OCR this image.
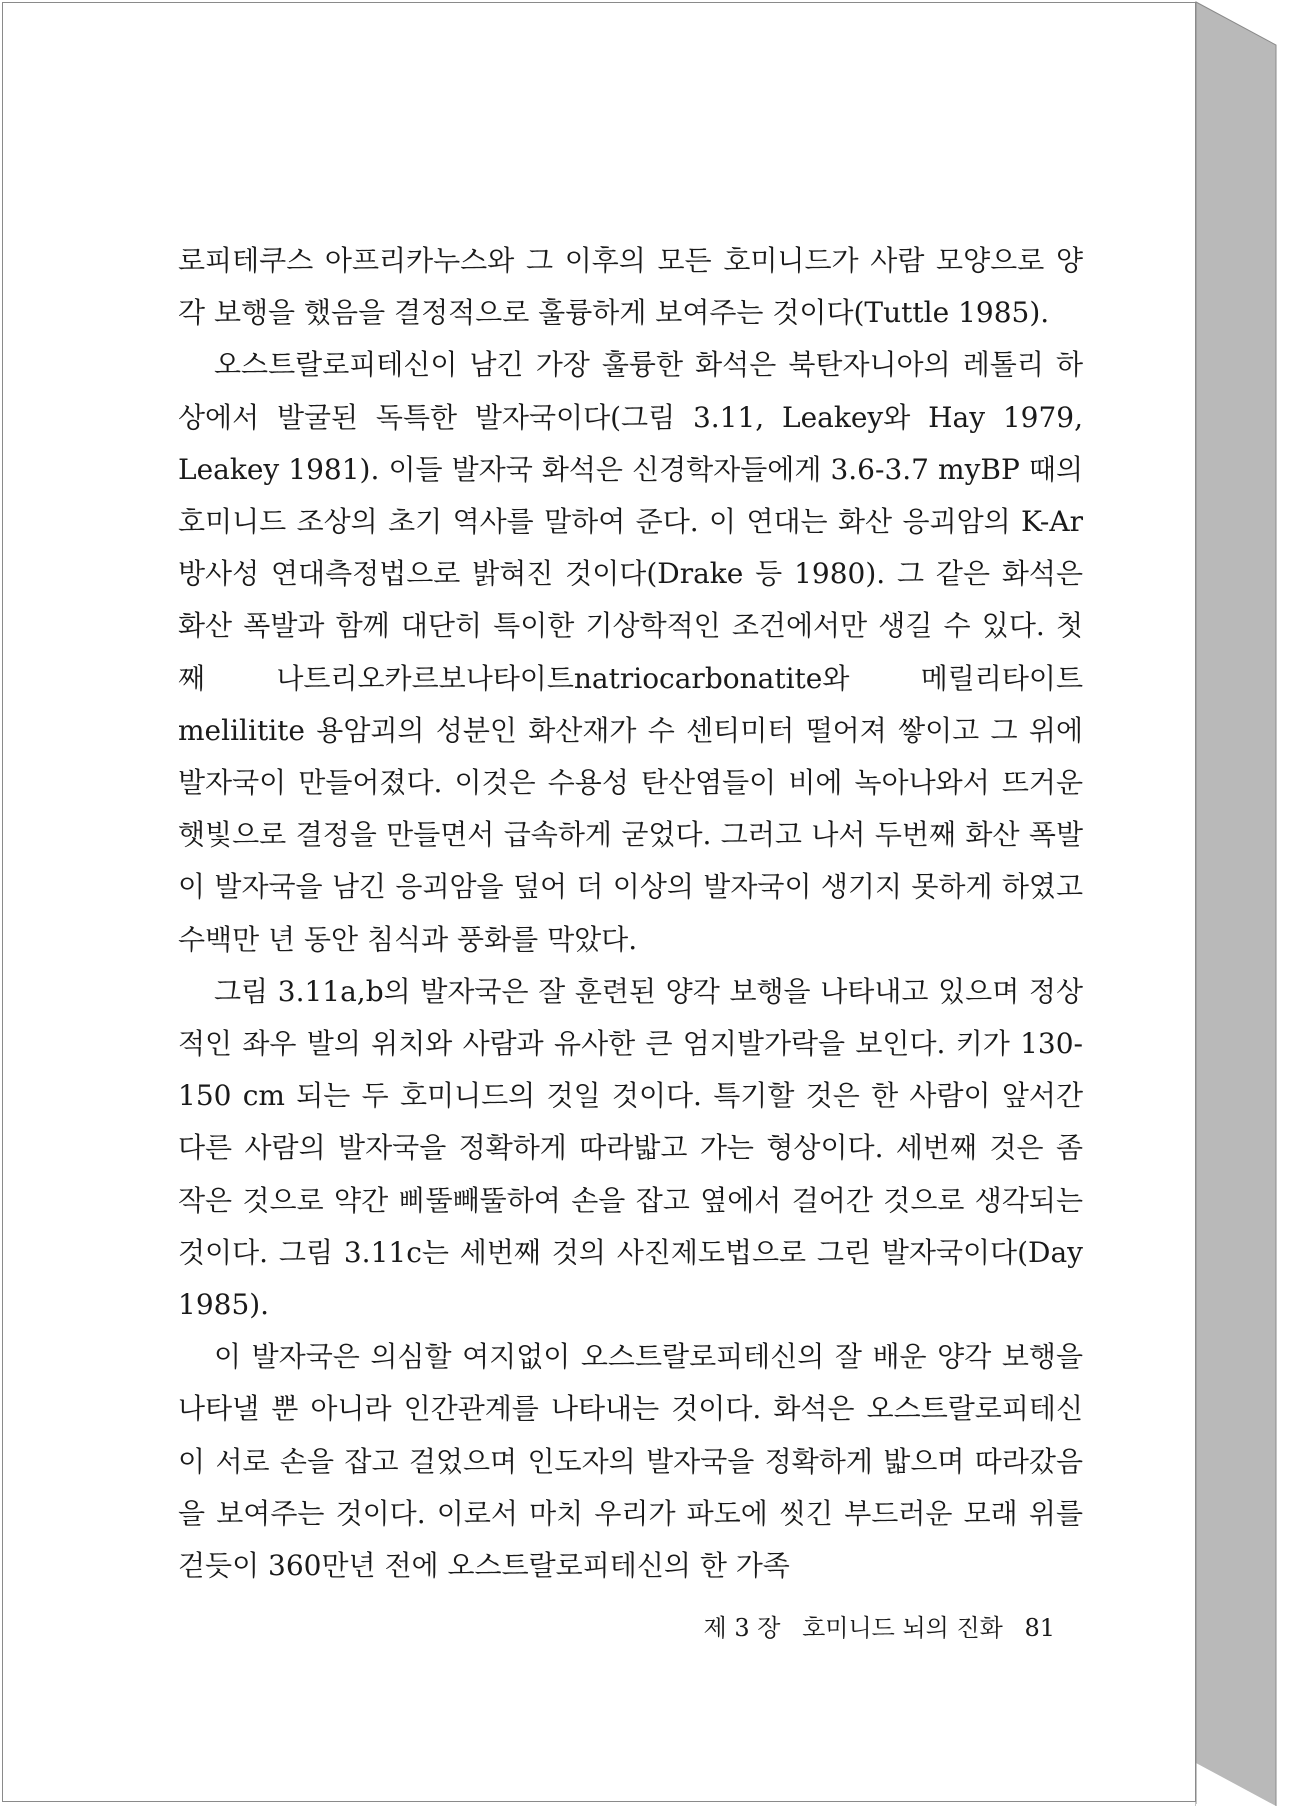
로피테쿠스 아프리카누스와 그 이후의 모든 호미니드가 사람 모양으로 양각 보행을 했음을 결정적으로 훌륭하게 보여주는 것이다(Tuttle 1985).

오스트랄로피테신이 남긴 가장 훌륭한 화석은 북탄자니아의 레톨리 하상에서 발굴된 독특한 발자국이다(그림 3.11, Leakey와 Hay 1979, Leakey 1981). 이들 발자국 화석은 신경학자들에게 3.6-3.7 myBP 때의 호미니드 조상의 초기 역사를 말하여 준다. 이 연대는 화산 응괴암의 K-Ar 방사성 연대측정법으로 밝혀진 것이다(Drake 등 1980). 그 같은 화석은 화산 폭발과 함께 대단히 특이한 기상학적인 조건에서만 생길 수 있다. 첫째 나트리오카르보나타이트natriocarbonatite와 메릴리타이트melilitite 용암괴의 성분인 화산재가 수 센티미터 떨어져 쌓이고 그 위에 발자국이 만들어졌다. 이것은 수용성 탄산염들이 비에 녹아나와서 뜨거운 햇빛으로 결정을 만들면서 급속하게 굳었다. 그러고 나서 두번째 화산 폭발이 발자국을 남긴 응괴암을 덮어 더 이상의 발자국이 생기지 못하게 하였고 수백만 년 동안 침식과 풍화를 막았다.

그림 3.11a,b의 발자국은 잘 훈련된 양각 보행을 나타내고 있으며 정상적인 좌우 발의 위치와 사람과 유사한 큰 엄지발가락을 보인다. 키가 130-150 cm 되는 두 호미니드의 것일 것이다. 특기할 것은 한 사람이 앞서간 다른 사람의 발자국을 정확하게 따라밟고 가는 형상이다. 세번째 것은 좀 작은 것으로 약간 삐뚤빼뚤하여 손을 잡고 옆에서 걸어간 것으로 생각되는 것이다. 그림 3.11c는 세번째 것의 사진제도법으로 그린 발자국이다(Day 1985).

이 발자국은 의심할 여지없이 오스트랄로피테신의 잘 배운 양각 보행을 나타낼 뿐 아니라 인간관계를 나타내는 것이다. 화석은 오스트랄로피테신이 서로 손을 잡고 걸었으며 인도자의 발자국을 정확하게 밟으며 따라갔음을 보여주는 것이다. 이로서 마치 우리가 파도에 씻긴 부드러운 모래 위를 걷듯이 360만년 전에 오스트랄로피테신의 한 가족

제 3 장 호미니드 뇌의 진화 81
